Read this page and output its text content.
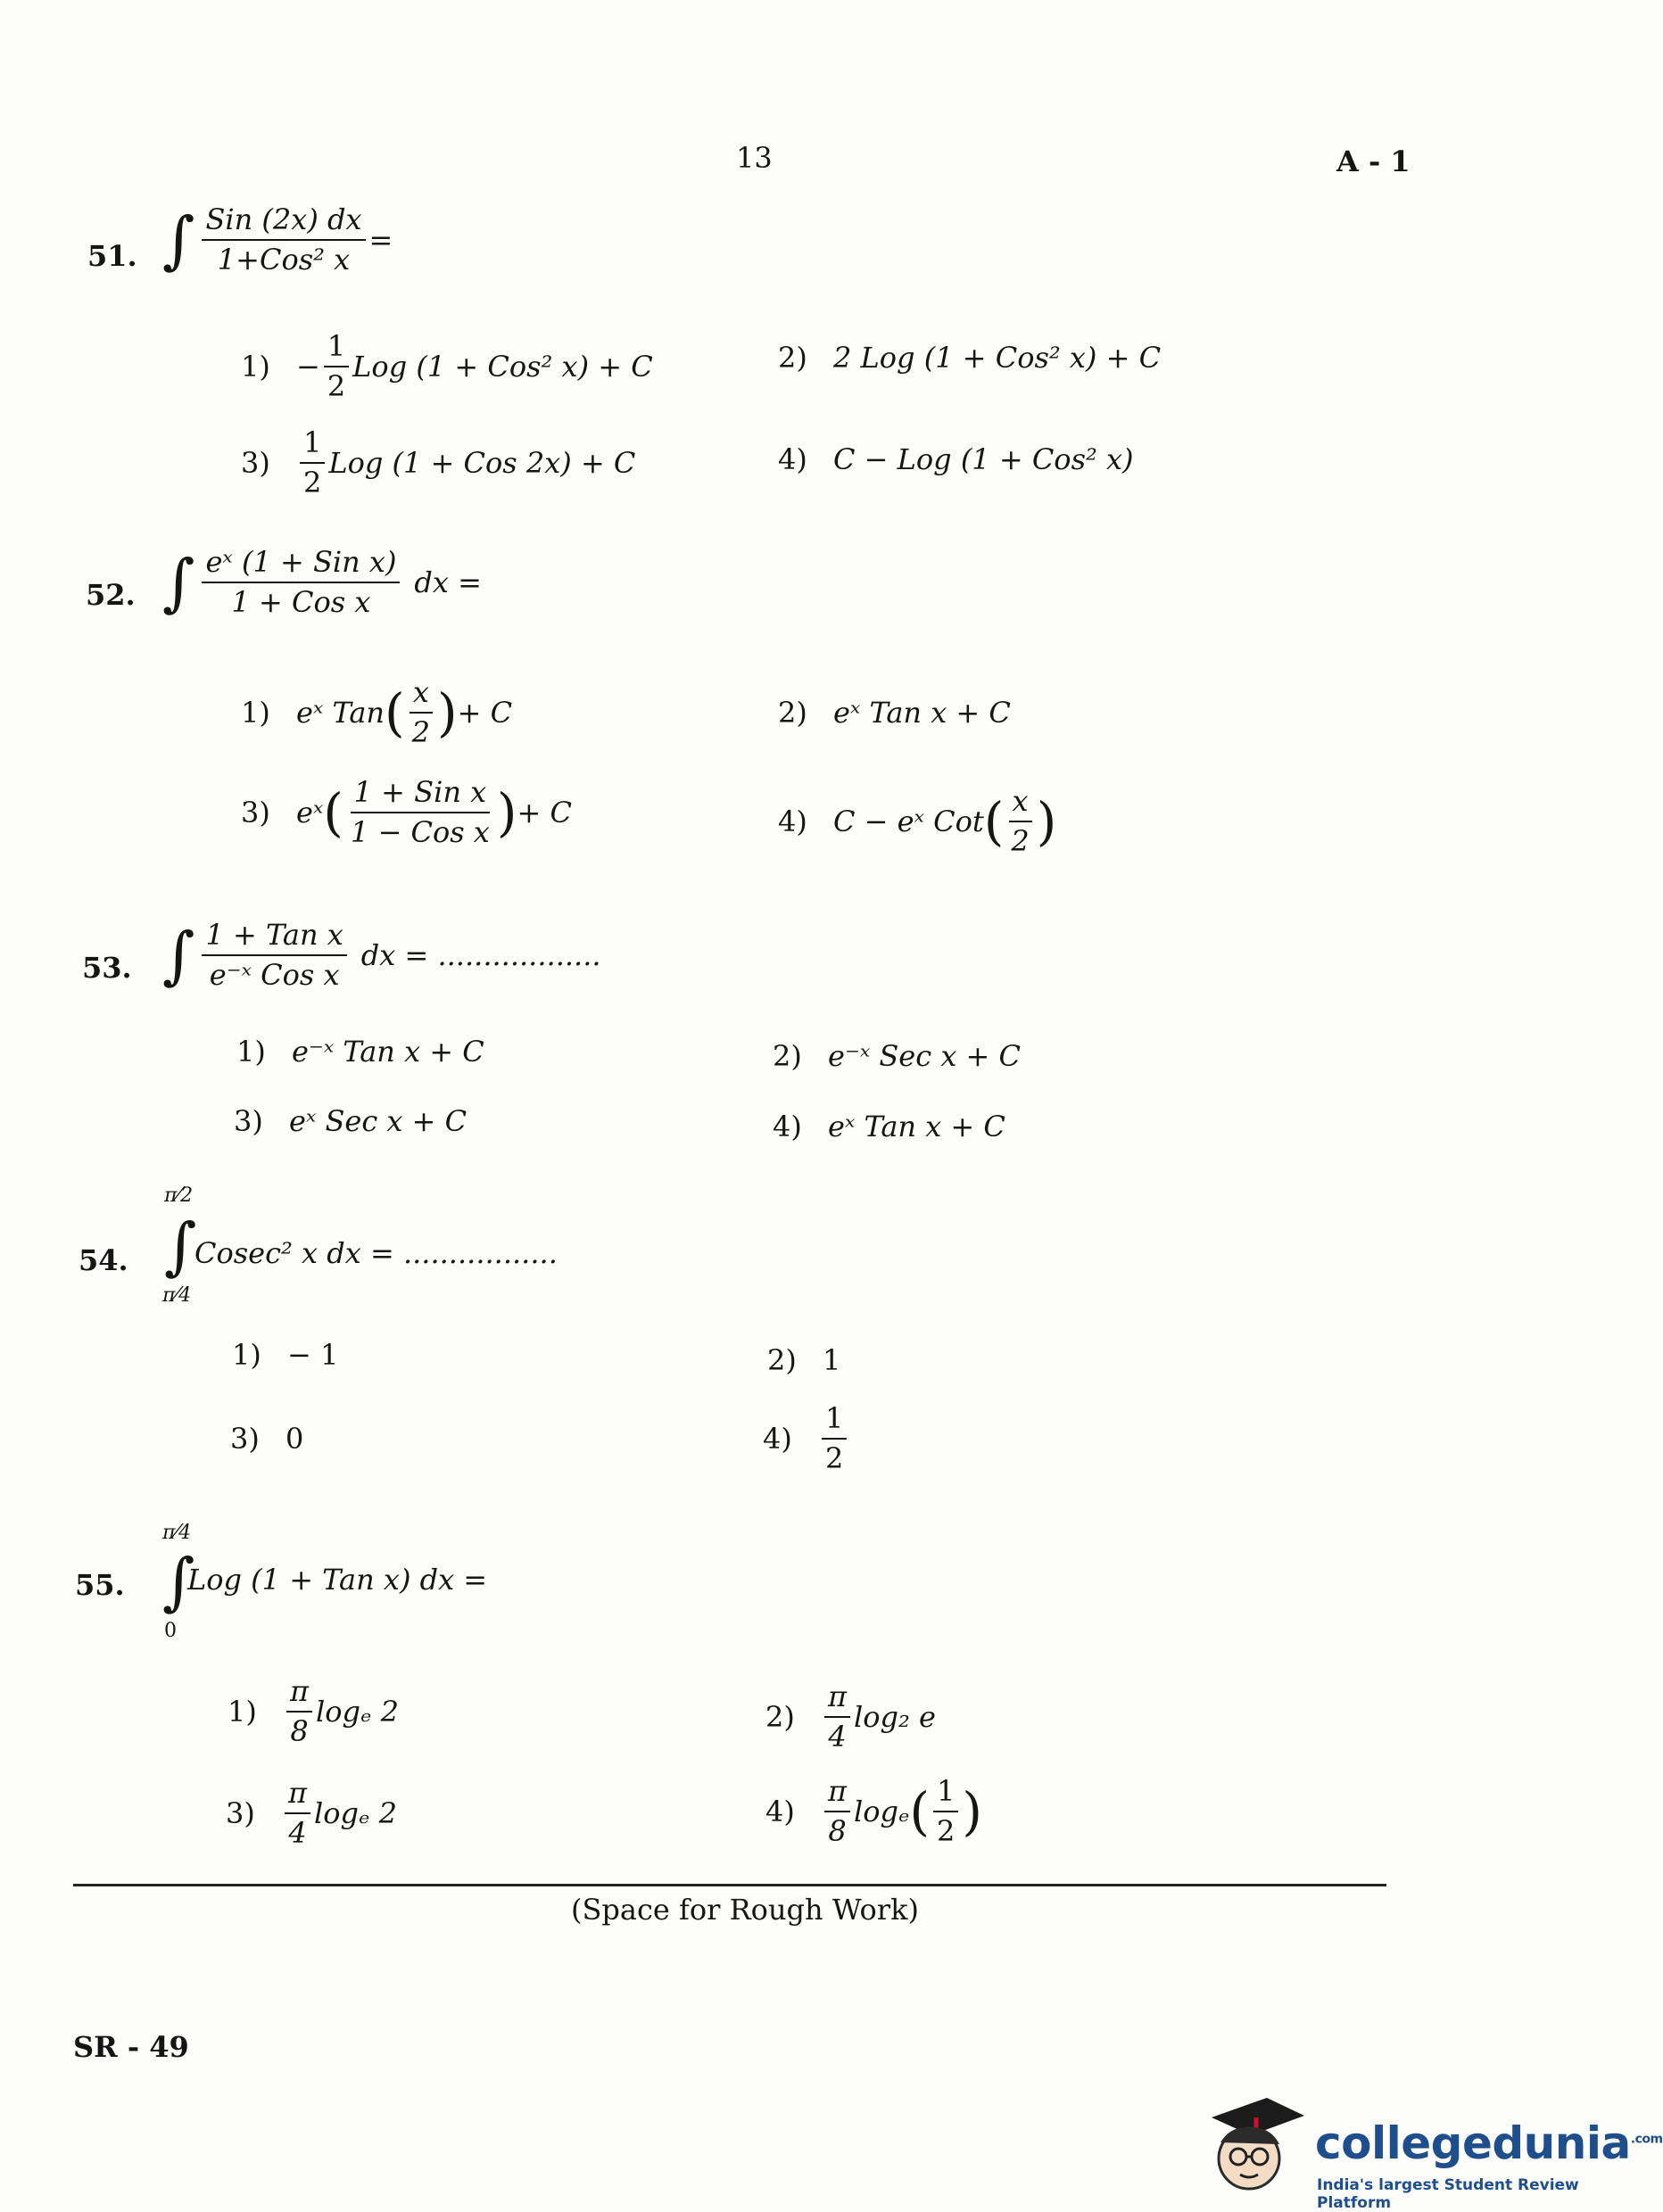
13	A - 1
51. ∫ $\frac{\text{Sin (2x) dx}}{\text{1+Cos² x}}$ =
$1) - \frac{1}{2}$ Log (1 + Cos² x) + C	2) 2 Log (1 + Cos² x) + C
3)	$\frac{1}{2}$ Log (1 + Cos 2x) + C	4) C − Log (1 + Cos² x)
52. ∫ $\frac{\text{eˣ (1 + Sin x)}}{\text{1 + Cos x}}$ dx =
1) eˣ Tan ( $\frac{x}{2}$ ) + C	2) eˣ Tan x + C
3) eˣ ( $\frac{\text{1 + Sin x}}{\text{1 − Cos x}}$ ) + C	4) C − eˣ Cot ( $\frac{x}{2}$ )
53. ∫ $\frac{\text{1 + Tan x}}{\text{e⁻ˣ Cos x}}$ dx = ..................
1) e⁻ˣ Tan x + C	2) e⁻ˣ Sec x + C
3) eˣ Sec x + C	4) eˣ Tan x + C
54.
π⁄2
∫
π⁄4
Cosec² x dx = .................
1) − 1	2) 1
3) 0	4)	$\frac{1}{2}$
55.
π⁄4
∫
0
Log (1 + Tan x) dx =
1)	$\frac{\pi}{8}$ logₑ 2	2)	$\frac{\pi}{4} \log_2$ e
3)	$\frac{\pi}{4}$ logₑ 2	4)	$\frac{\pi}{8}$ logₑ ( $\frac{1}{2}$ )
(Space for Rough Work)
SR - 49
collegedunia$^{.com}$
India's largest Student Review Platform
